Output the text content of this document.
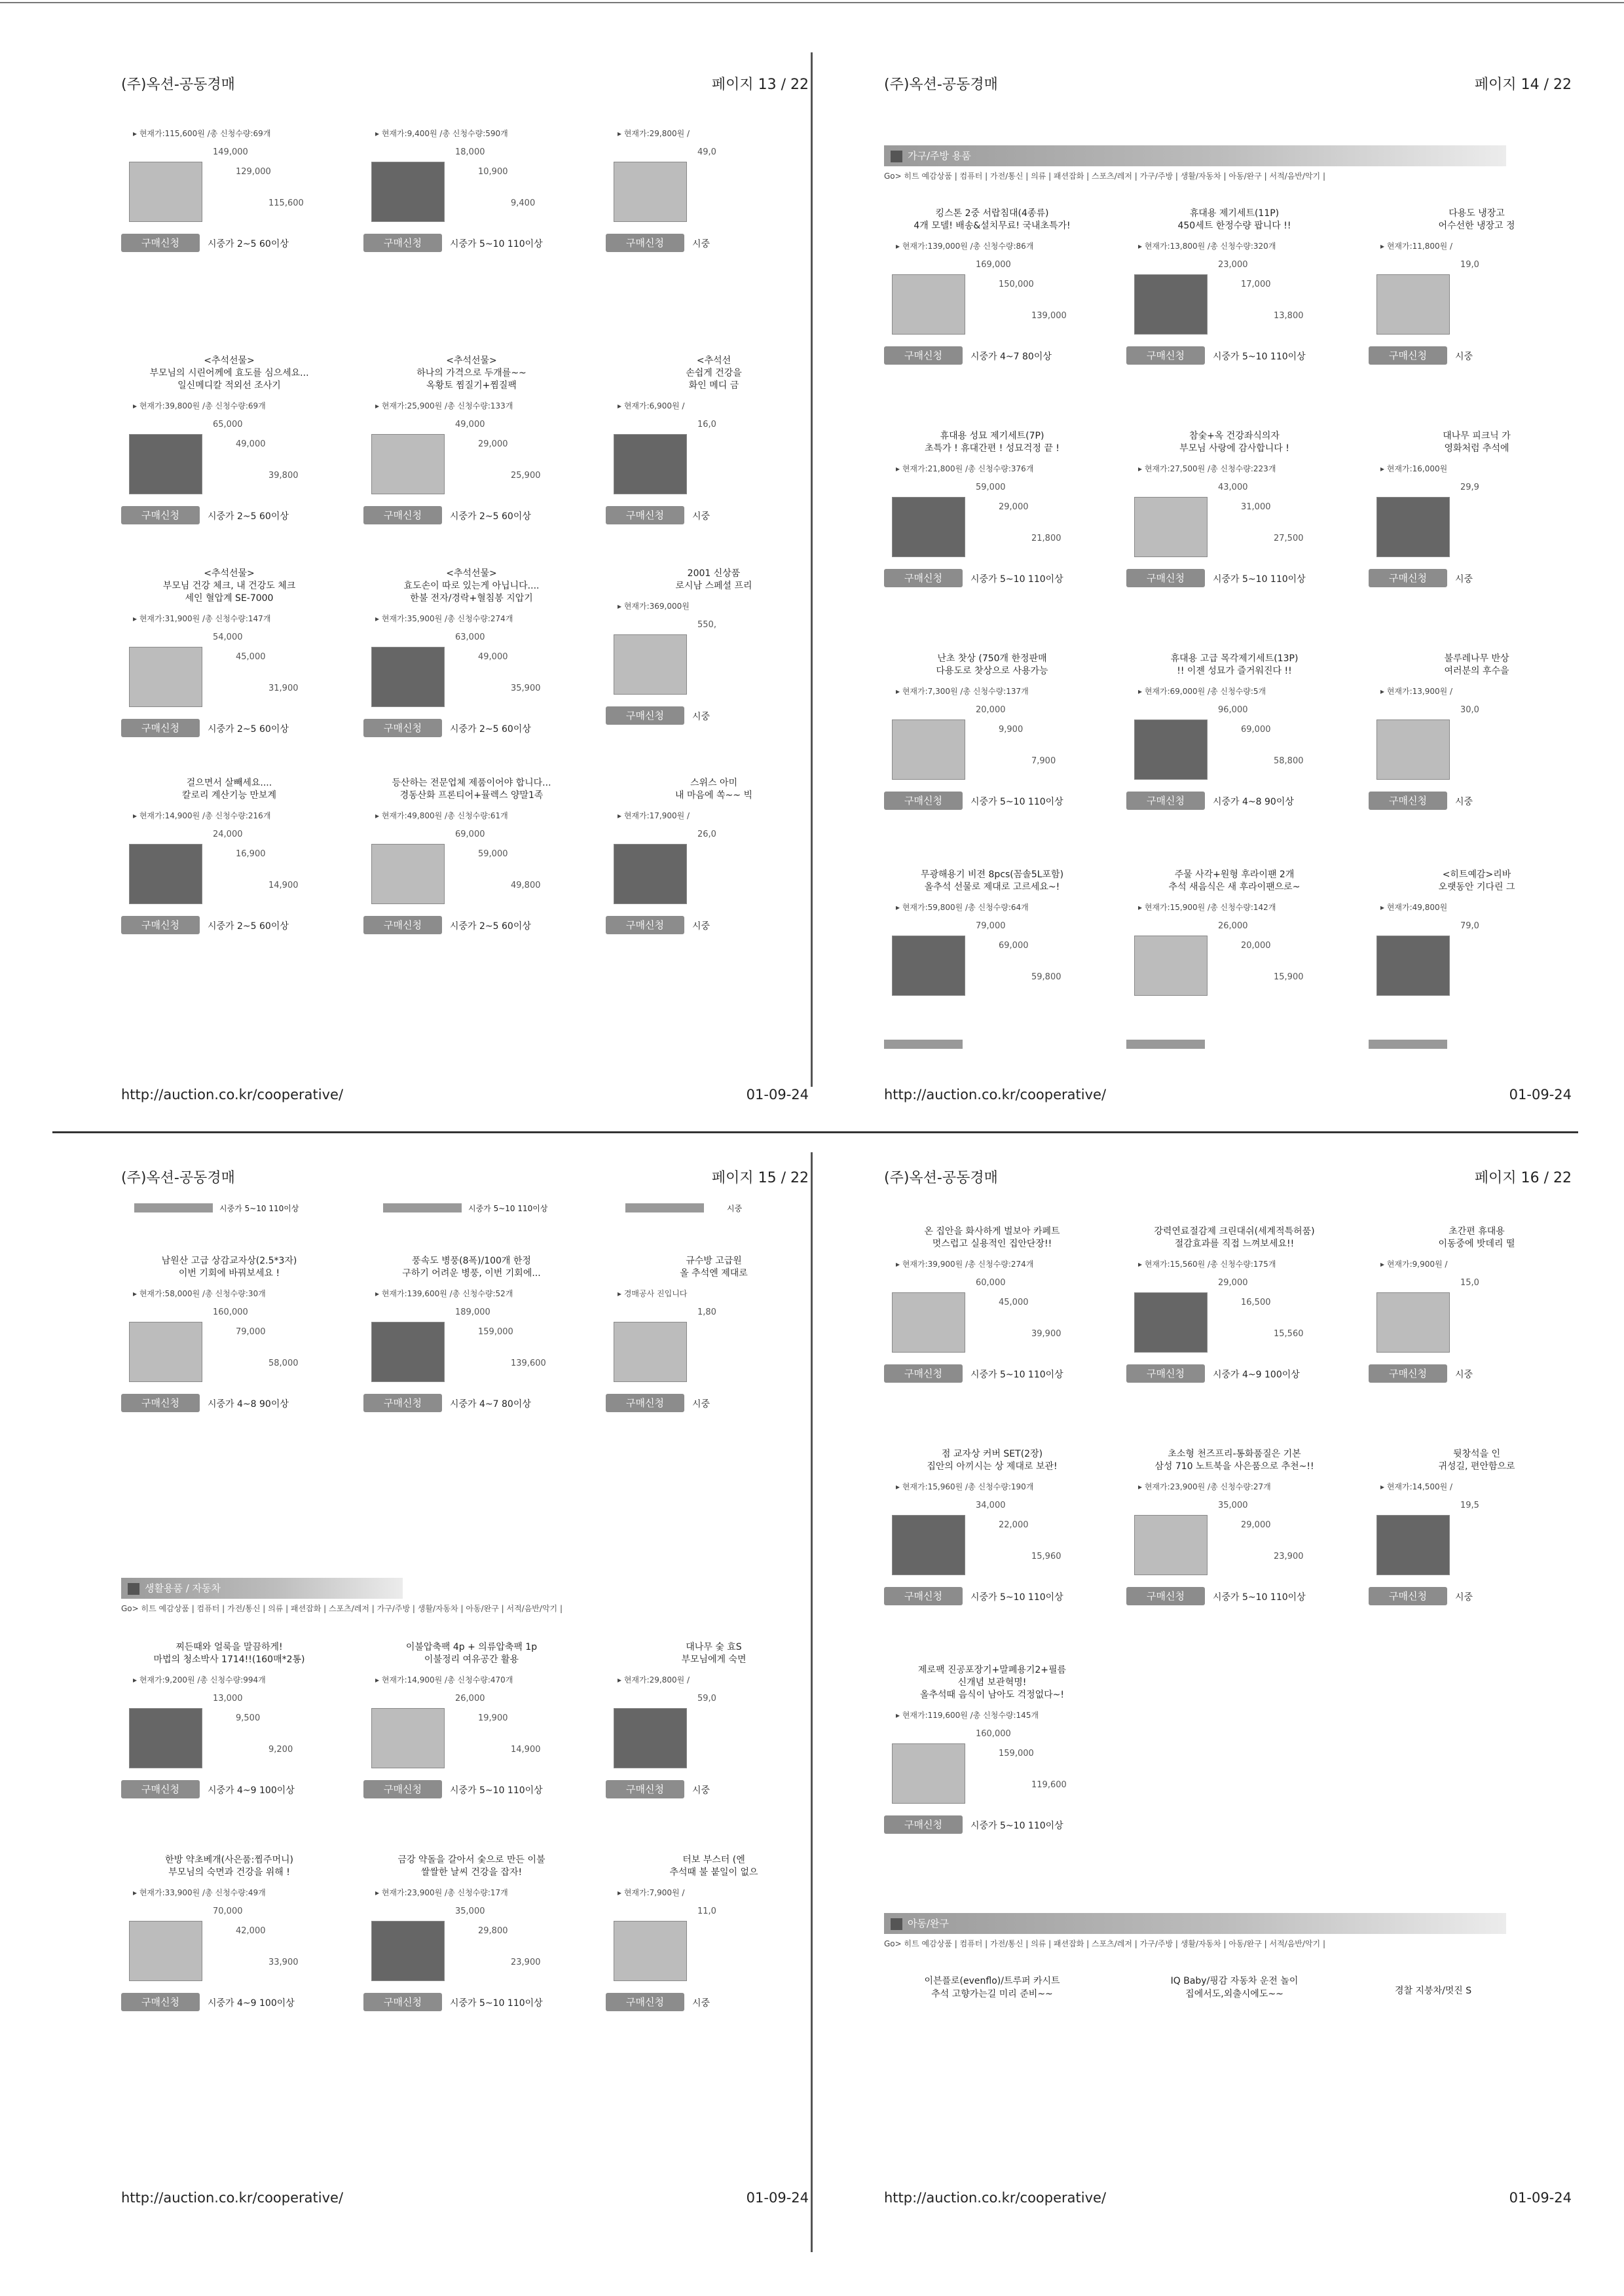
(주)옥션-공동경매	페이지 13 / 22
▸ 현재가:115,600원 /총 신청수량:69개
149,000
129,000
115,600
구매신청	시중가 2~5 60이상
▸ 현재가:9,400원 /총 신청수량:590개
18,000
10,900
9,400
구매신청	시중가 5~10 110이상
▸ 현재가:29,800원 /
49,0
구매신청	시중
<추석선물>
부모님의 시린어께에 효도를 심으세요...
일신메디칼 적외선 조사기
▸ 현재가:39,800원 /총 신청수량:69개
65,000
49,000
39,800
구매신청	시중가 2~5 60이상
<추석선물>
하나의 가격으로 두개를~~
옥황토 찜질기+찜질팩
▸ 현재가:25,900원 /총 신청수량:133개
49,000
29,000
25,900
구매신청	시중가 2~5 60이상
<추석선
손쉽게 건강을
화인 메디 금
▸ 현재가:6,900원 /
16,0
구매신청	시중
<추석선물>
부모님 건강 체크, 내 건강도 체크
세인 혈압계 SE-7000
▸ 현재가:31,900원 /총 신청수량:147개
54,000
45,000
31,900
구매신청	시중가 2~5 60이상
<추석선물>
효도손이 따로 있는게 아닙니다....
한불 전자/경락+혈침봉 지압기
▸ 현재가:35,900원 /총 신청수량:274개
63,000
49,000
35,900
구매신청	시중가 2~5 60이상
2001 신상품
로시남 스페셜 프리
▸ 현재가:369,000원
550,
구매신청	시중
걸으면서 살빼세요....
칼로리 계산기능 만보계
▸ 현재가:14,900원 /총 신청수량:216개
24,000
16,900
14,900
구매신청	시중가 2~5 60이상
등산하는 전문업체 제품이어야 합니다...
경동산화 프론티어+뮬렉스 양말1족
▸ 현재가:49,800원 /총 신청수량:61개
69,000
59,000
49,800
구매신청	시중가 2~5 60이상
스위스 아미
내 마음에 쏙~~ 빅
▸ 현재가:17,900원 /
26,0
구매신청	시중
http://auction.co.kr/cooperative/	01-09-24
(주)옥션-공동경매	페이지 14 / 22
가구/주방 용품
Go> 히트 예감상품 | 컴퓨터 | 가전/통신 | 의류 | 패션잡화 | 스포츠/레저 | 가구/주방 | 생활/자동차 | 아동/완구 | 서적/음반/악기 |
킹스톤 2중 서랍침대(4종류)
4개 모델! 배송&설치무료! 국내초특가!
▸ 현재가:139,000원 /총 신청수량:86개
169,000
150,000
139,000
구매신청	시중가 4~7 80이상
휴대용 제기세트(11P)
450세트 한정수량 팝니다 !!
▸ 현재가:13,800원 /총 신청수량:320개
23,000
17,000
13,800
구매신청	시중가 5~10 110이상
다용도 냉장고
어수선한 냉장고 정
▸ 현재가:11,800원 /
19,0
구매신청	시중
휴대용 성묘 제기세트(7P)
초특가 ! 휴대간편 ! 성묘걱정 끝 !
▸ 현재가:21,800원 /총 신청수량:376개
59,000
29,000
21,800
구매신청	시중가 5~10 110이상
참숯+옥 건강좌식의자
부모님 사랑에 감사합니다 !
▸ 현재가:27,500원 /총 신청수량:223개
43,000
31,000
27,500
구매신청	시중가 5~10 110이상
대나무 피크닉 가
영화처럼 추석에
▸ 현재가:16,000원
29,9
구매신청	시중
난초 찻상 (750개 한정판매
다용도로 찻상으로 사용가능
▸ 현재가:7,300원 /총 신청수량:137개
20,000
9,900
7,900
구매신청	시중가 5~10 110이상
휴대용 고급 목각제기세트(13P)
!! 이젠 성묘가 즐거워진다 !!
▸ 현재가:69,000원 /총 신청수량:5개
96,000
69,000
58,800
구매신청	시중가 4~8 90이상
불루레나무 반상
여러분의 후수을
▸ 현재가:13,900원 /
30,0
구매신청	시중
무광해용기 비젼 8pcs(꼼솔5L포함)
올추석 선물로 제대로 고르세요~!
▸ 현재가:59,800원 /총 신청수량:64개
79,000
69,000
59,800
주물 사각+원형 후라이팬 2개
추석 새음식은 새 후라이팬으로~
▸ 현재가:15,900원 /총 신청수량:142개
26,000
20,000
15,900
<히트예감>리바
오랫동안 기다린 그
▸ 현재가:49,800원
79,0
http://auction.co.kr/cooperative/	01-09-24
(주)옥션-공동경매	페이지 15 / 22
시중가 5~10 110이상	시중가 5~10 110이상	시중
남원산 고급 상감교자상(2.5*3자)
이번 기회에 바꿔보세요 !
▸ 현재가:58,000원 /총 신청수량:30개
160,000
79,000
58,000
구매신청	시중가 4~8 90이상
풍속도 병풍(8폭)/100개 한정
구하기 어려운 병풍, 이번 기회에...
▸ 현재가:139,600원 /총 신청수량:52개
189,000
159,000
139,600
구매신청	시중가 4~7 80이상
규수방 고급원
올 추석엔 제대로
▸ 경매공사 진입니다
1,80
구매신청	시중
찌든때와 얼룩을 말끔하게!
마법의 청소박사 1714!!(160매*2통)
▸ 현재가:9,200원 /총 신청수량:994개
13,000
9,500
9,200
구매신청	시중가 4~9 100이상
이불압축팩 4p + 의류압축팩 1p
이불정리 여유공간 활용
▸ 현재가:14,900원 /총 신청수량:470개
26,000
19,900
14,900
구매신청	시중가 5~10 110이상
대나무 숯 효S
부모님에게 숙면
▸ 현재가:29,800원 /
59,0
구매신청	시중
한방 약초베개(사은품:찜주머니)
부모님의 숙면과 건강을 위해 !
▸ 현재가:33,900원 /총 신청수량:49개
70,000
42,000
33,900
구매신청	시중가 4~9 100이상
금강 약돌을 갈아서 숯으로 만든 이불
쌀쌀한 날씨 건강을 잡자!
▸ 현재가:23,900원 /총 신청수량:17개
35,000
29,800
23,900
구매신청	시중가 5~10 110이상
터보 부스터 (엔
추석때 불 붙일이 없으
▸ 현재가:7,900원 /
11,0
구매신청	시중
생활용품 / 자동차
Go> 히트 예감상품 | 컴퓨터 | 가전/통신 | 의류 | 패션잡화 | 스포츠/레저 | 가구/주방 | 생활/자동차 | 아동/완구 | 서적/음반/악기 |
http://auction.co.kr/cooperative/	01-09-24
(주)옥션-공동경매	페이지 16 / 22
온 집안을 화사하게 벌보아 카페트
멋스럽고 실용적인 집안단장!!
▸ 현재가:39,900원 /총 신청수량:274개
60,000
45,000
39,900
구매신청	시중가 5~10 110이상
강력연료절감제 크린대쉬(세계적특허품)
절감효과를 직접 느껴보세요!!
▸ 현재가:15,560원 /총 신청수량:175개
29,000
16,500
15,560
구매신청	시중가 4~9 100이상
초간편 휴대용
이동중에 밧데리 떨
▸ 현재가:9,900원 /
15,0
구매신청	시중
점 교자상 커버 SET(2장)
집안의 아끼시는 상 제대로 보관!
▸ 현재가:15,960원 /총 신청수량:190개
34,000
22,000
15,960
구매신청	시중가 5~10 110이상
초소형 천즈프리-통화품질은 기본
삼성 710 노트북을 사은품으로 추천~!!
▸ 현재가:23,900원 /총 신청수량:27개
35,000
29,000
23,900
구매신청	시중가 5~10 110이상
뒷창석을 인
귀성길, 편안함으로
▸ 현재가:14,500원 /
19,5
구매신청	시중
제로팩 진공포장기+말폐용기2+필름
신개념 보관혁명!
올추석때 음식이 남아도 걱정없다~!
▸ 현재가:119,600원 /총 신청수량:145개
160,000
159,000
119,600
구매신청	시중가 5~10 110이상
아동/완구
Go> 히트 예감상품 | 컴퓨터 | 가전/통신 | 의류 | 패션잡화 | 스포츠/레저 | 가구/주방 | 생활/자동차 | 아동/완구 | 서적/음반/악기 |
이븐플로(evenflo)/트루퍼 카시트
추석 고향가는길 미리 준비~~
IQ Baby/핑감 자동차 운전 놀이
집에서도,외출시에도~~	경찰 지붕차/멋진 S
http://auction.co.kr/cooperative/	01-09-24
